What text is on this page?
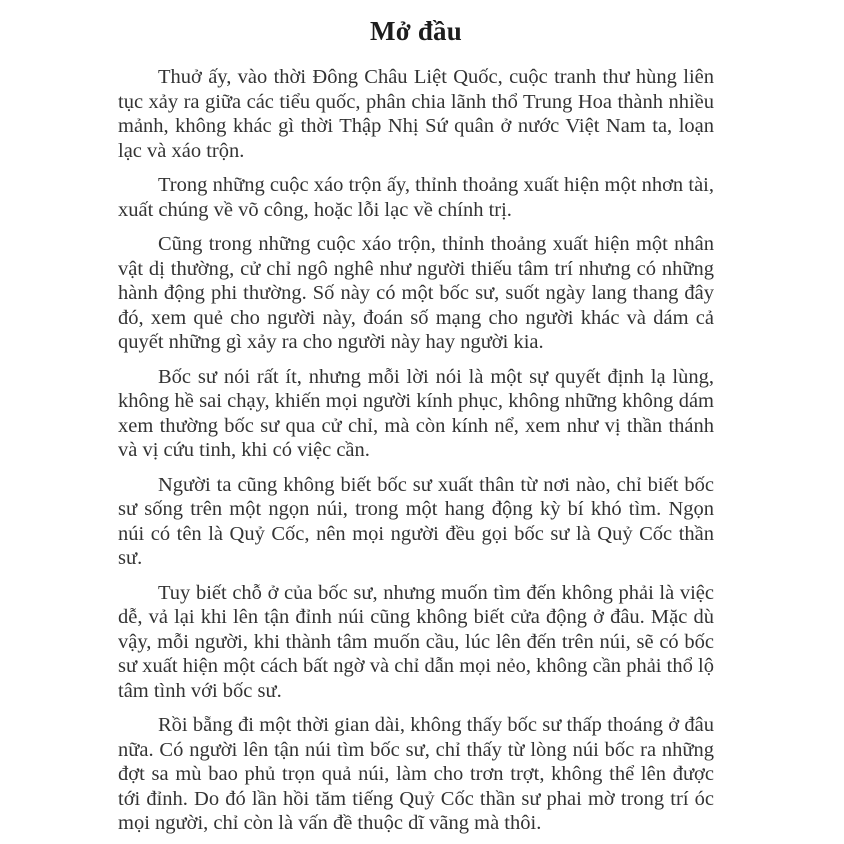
Mở đầu

Thuở ấy, vào thời Đông Châu Liệt Quốc, cuộc tranh thư hùng liên tục xảy ra giữa các tiểu quốc, phân chia lãnh thổ Trung Hoa thành nhiều mảnh, không khác gì thời Thập Nhị Sứ quân ở nước Việt Nam ta, loạn lạc và xáo trộn.

Trong những cuộc xáo trộn ấy, thỉnh thoảng xuất hiện một nhơn tài, xuất chúng về võ công, hoặc lỗi lạc về chính trị.

Cũng trong những cuộc xáo trộn, thỉnh thoảng xuất hiện một nhân vật dị thường, cử chỉ ngô nghê như người thiếu tâm trí nhưng có những hành động phi thường. Số này có một bốc sư, suốt ngày lang thang đây đó, xem quẻ cho người này, đoán số mạng cho người khác và dám cả quyết những gì xảy ra cho người này hay người kia.

Bốc sư nói rất ít, nhưng mỗi lời nói là một sự quyết định lạ lùng, không hề sai chạy, khiến mọi người kính phục, không những không dám xem thường bốc sư qua cử chỉ, mà còn kính nể, xem như vị thần thánh và vị cứu tinh, khi có việc cần.

Người ta cũng không biết bốc sư xuất thân từ nơi nào, chỉ biết bốc sư sống trên một ngọn núi, trong một hang động kỳ bí khó tìm. Ngọn núi có tên là Quỷ Cốc, nên mọi người đều gọi bốc sư là Quỷ Cốc thần sư.

Tuy biết chỗ ở của bốc sư, nhưng muốn tìm đến không phải là việc dễ, vả lại khi lên tận đỉnh núi cũng không biết cửa động ở đâu. Mặc dù vậy, mỗi người, khi thành tâm muốn cầu, lúc lên đến trên núi, sẽ có bốc sư xuất hiện một cách bất ngờ và chỉ dẫn mọi nẻo, không cần phải thổ lộ tâm tình với bốc sư.

Rồi bẵng đi một thời gian dài, không thấy bốc sư thấp thoáng ở đâu nữa. Có người lên tận núi tìm bốc sư, chỉ thấy từ lòng núi bốc ra những đợt sa mù bao phủ trọn quả núi, làm cho trơn trợt, không thể lên được tới đỉnh. Do đó lần hồi tăm tiếng Quỷ Cốc thần sư phai mờ trong trí óc mọi người, chỉ còn là vấn đề thuộc dĩ vãng mà thôi.
